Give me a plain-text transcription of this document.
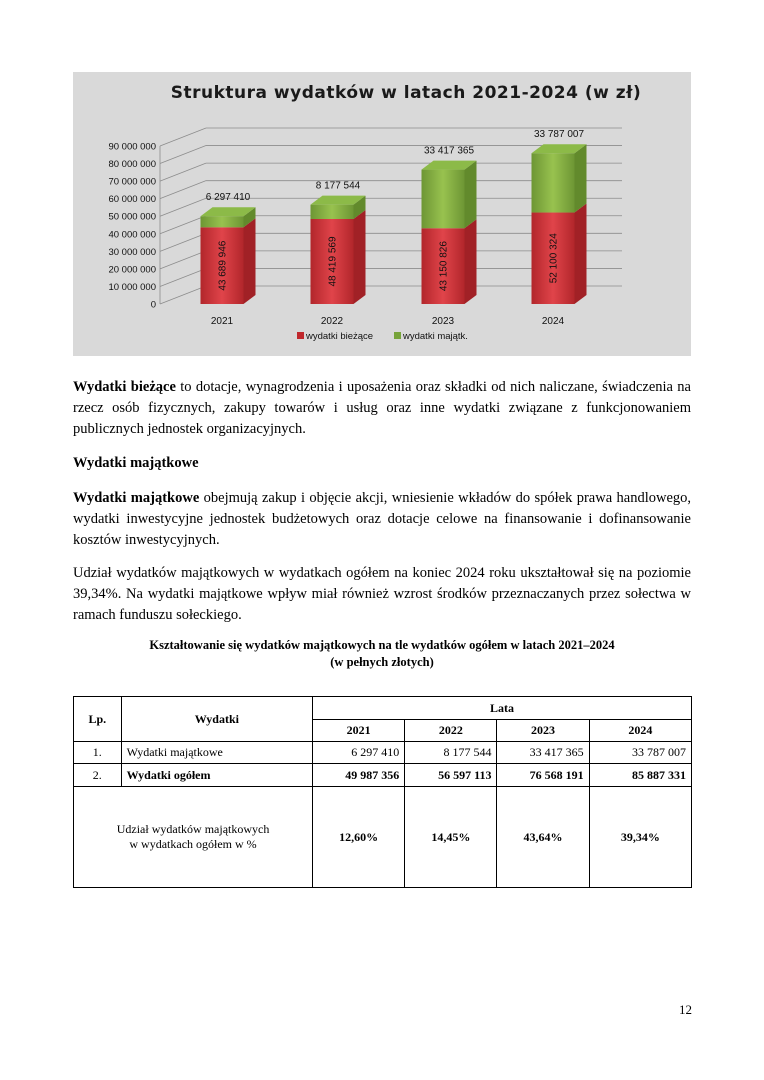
Struktura wydatków w latach 2021-2024 (w zł)
0
10 000 000
20 000 000
30 000 000
40 000 000
50 000 000
60 000 000
70 000 000
80 000 000
90 000 000
43 689 946
6 297 410
2021
48 419 569
8 177 544
2022
43 150 826
33 417 365
2023
52 100 324
33 787 007
2024
wydatki bieżące	wydatki majątk.

Wydatki bieżące to dotacje, wynagrodzenia i uposażenia oraz składki od nich naliczane, świadczenia na rzecz osób fizycznych, zakupy towarów i usług oraz inne wydatki związane z funkcjonowaniem publicznych jednostek organizacyjnych.

Wydatki majątkowe

Wydatki majątkowe obejmują zakup i objęcie akcji, wniesienie wkładów do spółek prawa handlowego, wydatki inwestycyjne jednostek budżetowych oraz dotacje celowe na finansowanie i dofinansowanie kosztów inwestycyjnych.

Udział wydatków majątkowych w wydatkach ogółem na koniec 2024 roku ukształtował się na poziomie 39,34%. Na wydatki majątkowe wpływ miał również wzrost środków przeznaczanych przez sołectwa w ramach funduszu sołeckiego.

Kształtowanie się wydatków majątkowych na tle wydatków ogółem w latach 2021–2024
(w pełnych złotych)

Lp.	Wydatki	Lata			
		2021	2022	2023	2024
1.	Wydatki majątkowe	6 297 410	8 177 544	33 417 365	33 787 007
2.	Wydatki ogółem	49 987 356	56 597 113	76 568 191	85 887 331
Udział wydatków majątkowych
w wydatkach ogółem w %		12,60%	14,45%	43,64%	39,34%
12
